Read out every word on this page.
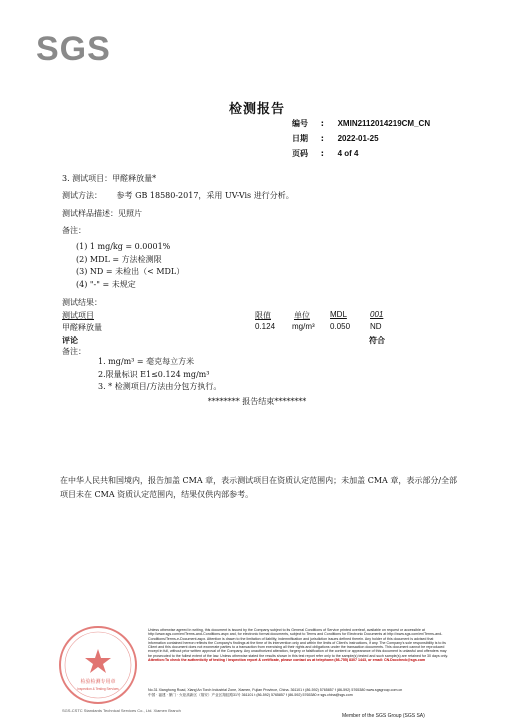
SGS
检测报告
编号 : XMIN2112014219CM_CN
日期 : 2022-01-25
页码 : 4 of 4
3. 测试项目：甲醛释放量*
测试方法： 参考 GB 18580-2017，采用 UV-Vis 进行分析。
测试样品描述：见照片
备注：
(1) 1 mg/kg = 0.0001%
(2) MDL = 方法检测限
(3) ND = 未检出（< MDL）
(4) "-" = 未规定
测试结果：
测试项目	限值	单位	MDL	001
甲醛释放量	0.124 mg/m³ 0.050 ND
评论	符合
备注：
1. mg/m³ = 毫克每立方米
2.限量标识 E1≤0.124 mg/m³
3. * 检测项目/方法由分包方执行。
******** 报告结束********
在中华人民共和国境内，报告加盖 CMA 章，表示测试项目在资质认定范围内；未加盖 CMA 章，表示部分/全部项目未在 CMA 资质认定范围内，结果仅供内部参考。
检验检测专用章
Inspection & Testing Services
SGS-CSTC Standards Technical Services Co., Ltd. Xiamen Branch
Unless otherwise agreed in writing, this document is issued by the Company subject to its General Conditions of Service printed overleaf, available on request or accessible at http://www.sgs.com/en/Terms-and-Conditions.aspx and, for electronic format documents, subject to Terms and Conditions for Electronic Documents at http://www.sgs.com/en/Terms-and-Conditions/Terms-e-Document.aspx. Attention is drawn to the limitation of liability, indemnification and jurisdiction issues defined therein. Any holder of this document is advised that information contained hereon reflects the Company's findings at the time of its intervention only and within the limits of Client's instructions, if any. The Company's sole responsibility is to its Client and this document does not exonerate parties to a transaction from exercising all their rights and obligations under the transaction documents. This document cannot be reproduced except in full, without prior written approval of the Company. Any unauthorized alteration, forgery or falsification of the content or appearance of this document is unlawful and offenders may be prosecuted to the fullest extent of the law. Unless otherwise stated the results shown in this test report refer only to the sample(s) tested and such sample(s) are retained for 30 days only. Attention:To check the authenticity of testing / inspection report & certificate, please contact us at telephone:(86-755) 8307 1443, or email: CN.Doccheck@sgs.com
No.31 Xianghong Road, Xiang'An Torch Industrial Zone, Xiamen, Fujian Province, China. 361101 t (86-592) 5765857 f (86-592) 5765380 www.sgsgroup.com.cn
中国 · 福建 · 厦门 · 火炬高新区（翔安）产业区翔虹路31号 361101 t (86-592) 5765857 f (86-592) 5765380 e sgs.china@sgs.com
Member of the SGS Group (SGS SA)
